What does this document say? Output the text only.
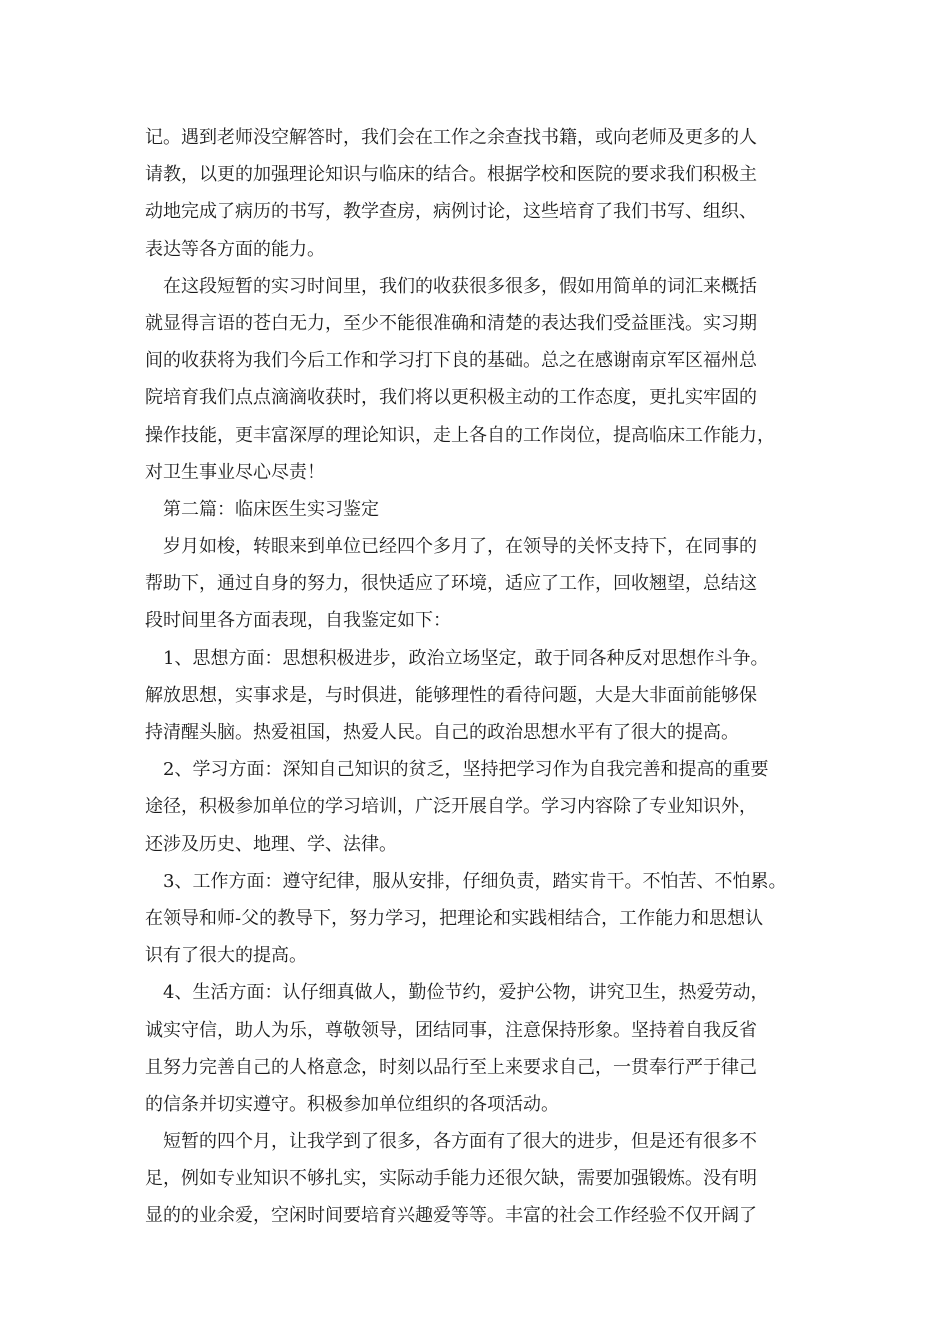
记。遇到老师没空解答时，我们会在工作之余查找书籍，或向老师及更多的人
请教，以更的加强理论知识与临床的结合。根据学校和医院的要求我们积极主
动地完成了病历的书写，教学查房，病例讨论，这些培育了我们书写、组织、
表达等各方面的能力。
在这段短暂的实习时间里，我们的收获很多很多，假如用简单的词汇来概括
就显得言语的苍白无力，至少不能很准确和清楚的表达我们受益匪浅。实习期
间的收获将为我们今后工作和学习打下良的基础。总之在感谢南京军区福州总
院培育我们点点滴滴收获时，我们将以更积极主动的工作态度，更扎实牢固的
操作技能，更丰富深厚的理论知识，走上各自的工作岗位，提高临床工作能力，
对卫生事业尽心尽责！
第二篇：临床医生实习鉴定
岁月如梭，转眼来到单位已经四个多月了，在领导的关怀支持下，在同事的
帮助下，通过自身的努力，很快适应了环境，适应了工作，回收翘望，总结这
段时间里各方面表现，自我鉴定如下：
1、思想方面：思想积极进步，政治立场坚定，敢于同各种反对思想作斗争。
解放思想，实事求是，与时俱进，能够理性的看待问题，大是大非面前能够保
持清醒头脑。热爱祖国，热爱人民。自己的政治思想水平有了很大的提高。
2、学习方面：深知自己知识的贫乏，坚持把学习作为自我完善和提高的重要
途径，积极参加单位的学习培训，广泛开展自学。学习内容除了专业知识外，
还涉及历史、地理、学、法律。
3、工作方面：遵守纪律，服从安排，仔细负责，踏实肯干。不怕苦、不怕累。
在领导和师-父的教导下，努力学习，把理论和实践相结合，工作能力和思想认
识有了很大的提高。
4、生活方面：认仔细真做人，勤俭节约，爱护公物，讲究卫生，热爱劳动，
诚实守信，助人为乐，尊敬领导，团结同事，注意保持形象。坚持着自我反省
且努力完善自己的人格意念，时刻以品行至上来要求自己，一贯奉行严于律己
的信条并切实遵守。积极参加单位组织的各项活动。
短暂的四个月，让我学到了很多，各方面有了很大的进步，但是还有很多不
足，例如专业知识不够扎实，实际动手能力还很欠缺，需要加强锻炼。没有明
显的的业余爱，空闲时间要培育兴趣爱等等。丰富的社会工作经验不仅开阔了
